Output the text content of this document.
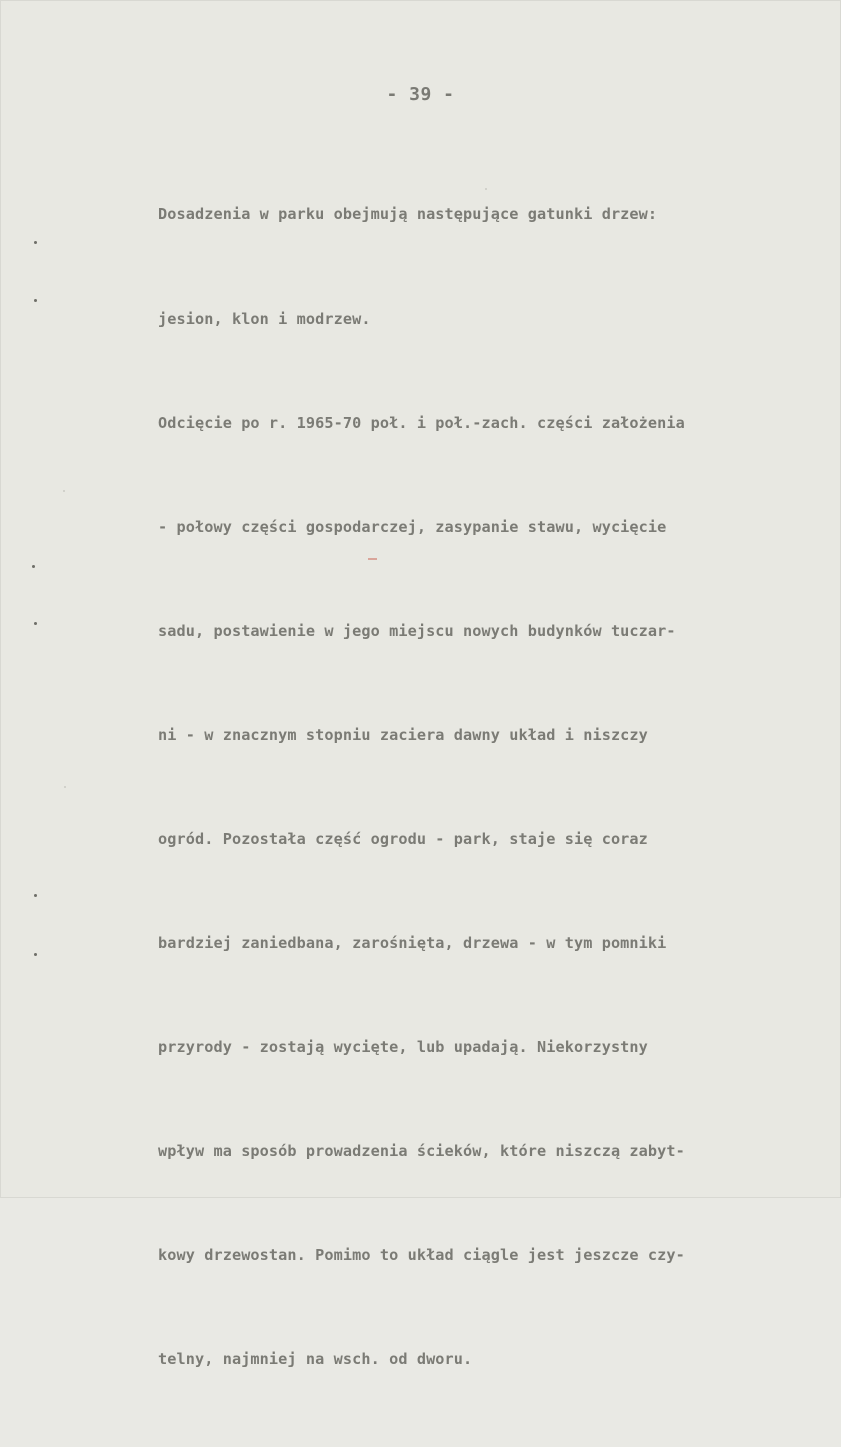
- 39 -

Dosadzenia w parku obejmują następujące gatunki drzew:

jesion, klon i modrzew.

Odcięcie po r. 1965-70 poł. i poł.-zach. części założenia

- połowy części gospodarczej, zasypanie stawu, wycięcie

sadu, postawienie w jego miejscu nowych budynków tuczar-

ni - w znacznym stopniu zaciera dawny układ i niszczy

ogród. Pozostała część ogrodu - park, staje się coraz

bardziej zaniedbana, zarośnięta, drzewa - w tym pomniki

przyrody - zostają wycięte, lub upadają. Niekorzystny

wpływ ma sposób prowadzenia ścieków, które niszczą zabyt-

kowy drzewostan. Pomimo to układ ciągle jest jeszcze czy-

telny, najmniej na wsch. od dworu.
